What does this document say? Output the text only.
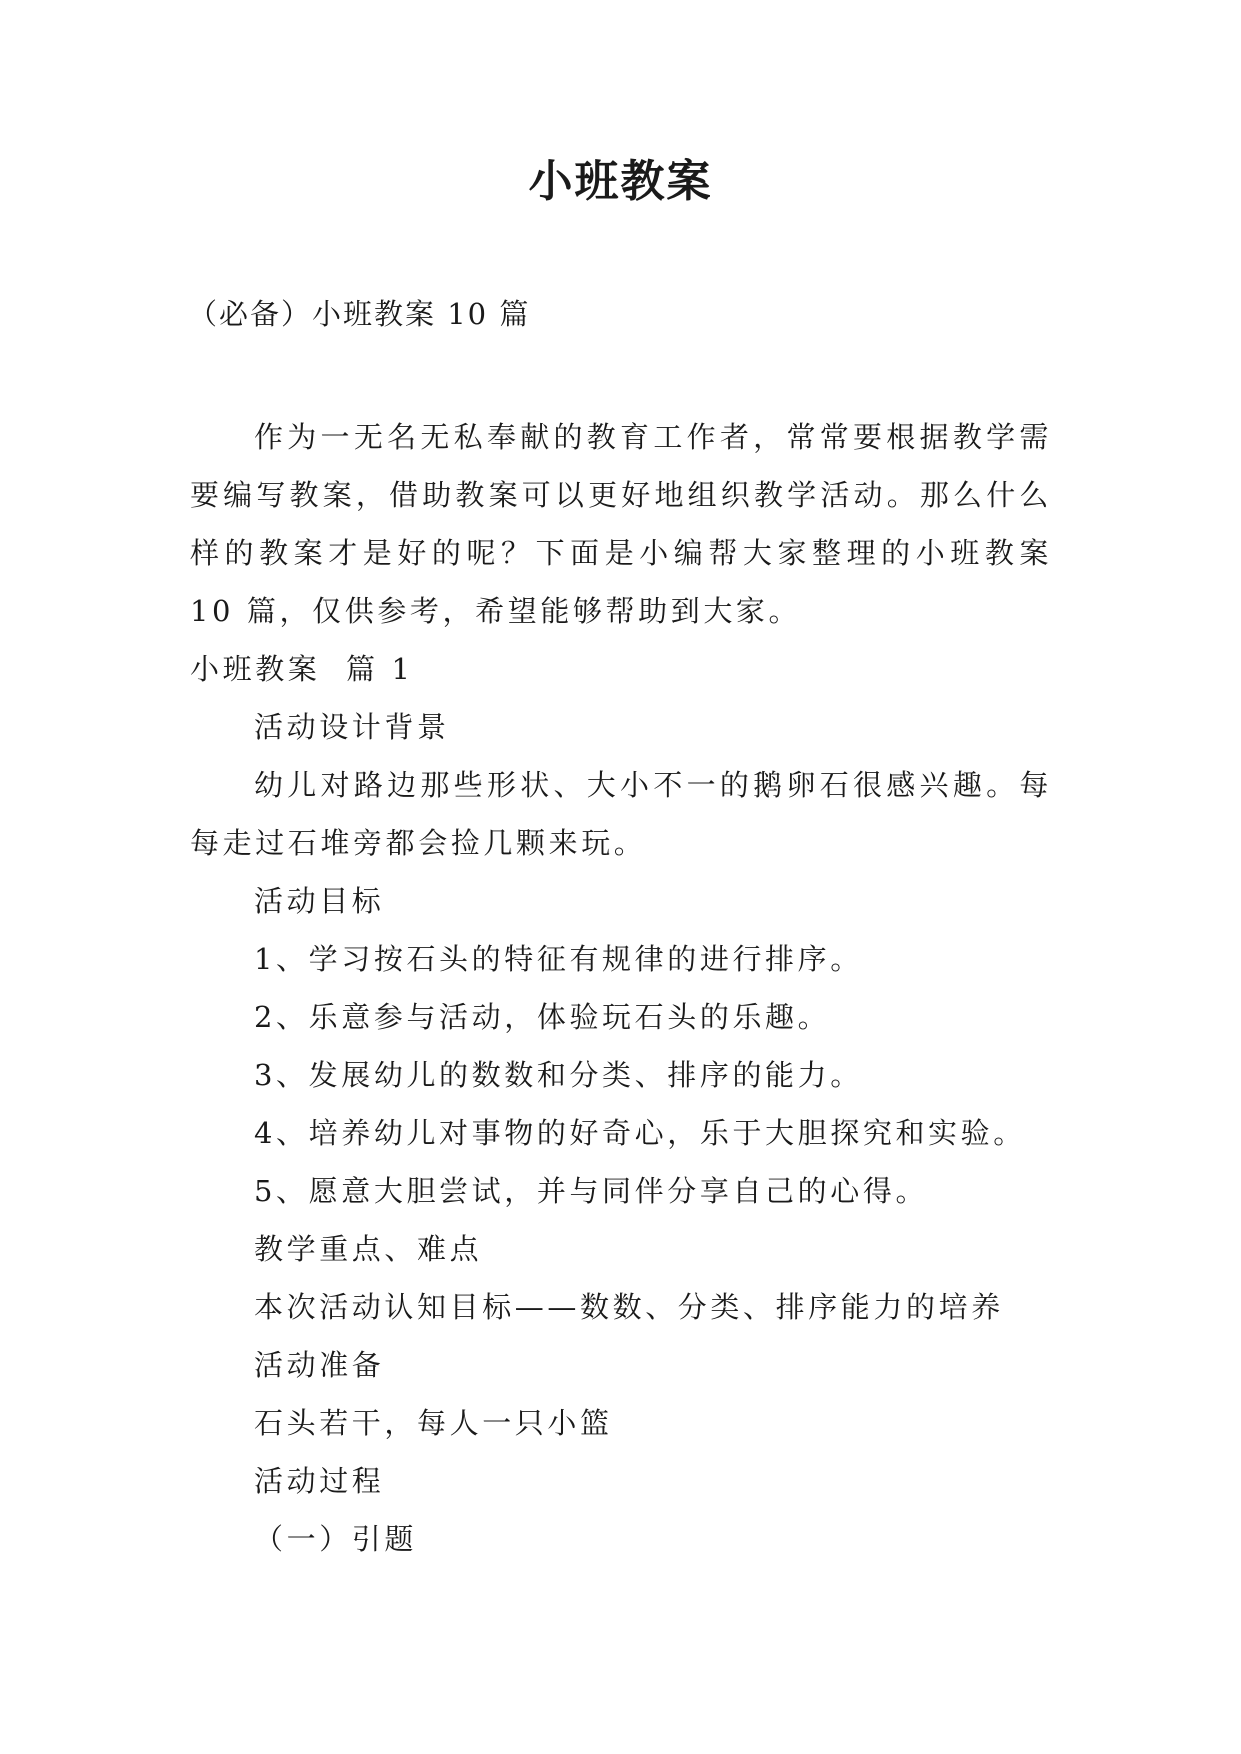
小班教案
（必备）小班教案 10 篇

作为一无名无私奉献的教育工作者，常常要根据教学需要编写教案，借助教案可以更好地组织教学活动。那么什么样的教案才是好的呢？下面是小编帮大家整理的小班教案 10 篇，仅供参考，希望能够帮助到大家。

小班教案  篇 1
活动设计背景

幼儿对路边那些形状、大小不一的鹅卵石很感兴趣。每每走过石堆旁都会捡几颗来玩。

活动目标
1、学习按石头的特征有规律的进行排序。
2、乐意参与活动，体验玩石头的乐趣。
3、发展幼儿的数数和分类、排序的能力。
4、培养幼儿对事物的好奇心，乐于大胆探究和实验。
5、愿意大胆尝试，并与同伴分享自己的心得。
教学重点、难点
本次活动认知目标——数数、分类、排序能力的培养
活动准备
石头若干，每人一只小篮
活动过程
（一）引题
